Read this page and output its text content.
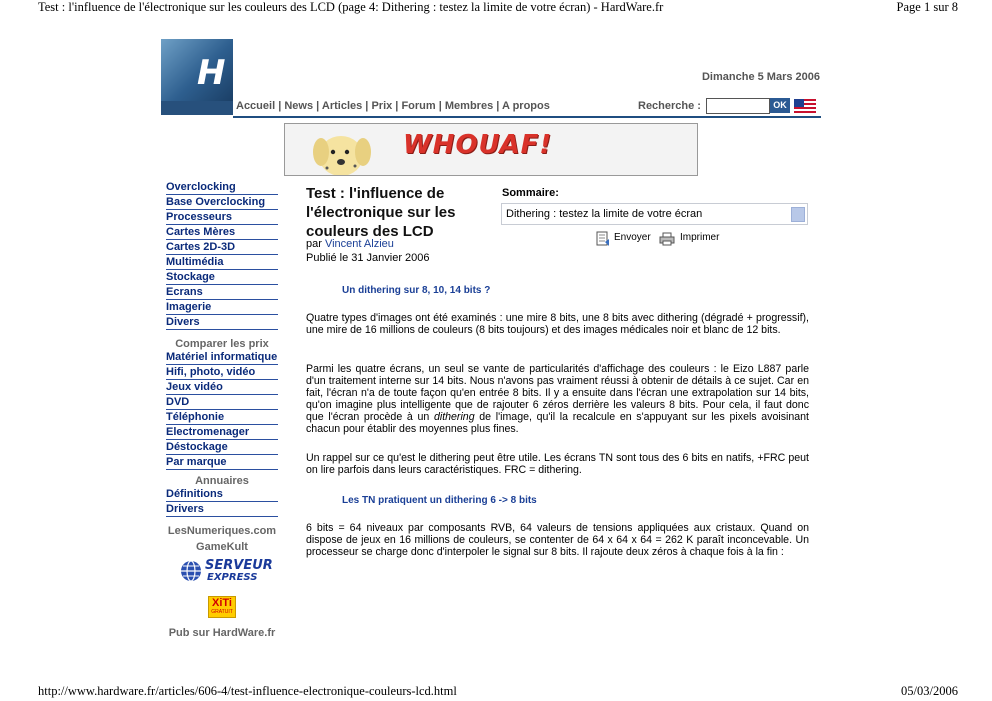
Test : l'influence de l'électronique sur les couleurs des LCD (page 4: Dithering : testez la limite de votre écran) - HardWare.fr	Page 1 sur 8
http://www.hardware.fr/articles/606-4/test-influence-electronique-couleurs-lcd.html	05/03/2006
H	Dimanche 5 Mars 2006
Accueil | News | Articles | Prix | Forum | Membres | A propos	Recherche :	OK
WHOUAF!
Overclocking
Base Overclocking
Processeurs
Cartes Mères
Cartes 2D-3D
Multimédia
Stockage
Ecrans
Imagerie
Divers
Comparer les prix
Matériel informatique
Hifi, photo, vidéo
Jeux vidéo
DVD
Téléphonie
Electromenager
Déstockage
Par marque
Annuaires
Définitions
Drivers
LesNumeriques.com
GameKult
SERVEUR
EXPRESS
XiTi
GRATUIT
Pub sur HardWare.fr
Test : l'influence de l'électronique sur les couleurs des LCD
par Vincent Alzieu
Publié le 31 Janvier 2006
Sommaire:
Dithering : testez la limite de votre écran
Envoyer	Imprimer
Un dithering sur 8, 10, 14 bits ?
Quatre types d'images ont été examinés : une mire 8 bits, une 8 bits avec dithering (dégradé + progressif), une mire de 16 millions de couleurs (8 bits toujours) et des images médicales noir et blanc de 12 bits.
Parmi les quatre écrans, un seul se vante de particularités d'affichage des couleurs : le Eizo L887 parle d'un traitement interne sur 14 bits. Nous n'avons pas vraiment réussi à obtenir de détails à ce sujet. Car en fait, l'écran n'a de toute façon qu'en entrée 8 bits. Il y a ensuite dans l'écran une extrapolation sur 14 bits, qu'on imagine plus intelligente que de rajouter 6 zéros derrière les valeurs 8 bits. Pour cela, il faut donc que l'écran procède à un dithering de l'image, qu'il la recalcule en s'appuyant sur les pixels avoisinant chacun pour établir des moyennes plus fines.
Un rappel sur ce qu'est le dithering peut être utile. Les écrans TN sont tous des 6 bits en natifs, +FRC peut on lire parfois dans leurs caractéristiques. FRC = dithering.
Les TN pratiquent un dithering 6 -> 8 bits
6 bits = 64 niveaux par composants RVB, 64 valeurs de tensions appliquées aux cristaux. Quand on dispose de jeux en 16 millions de couleurs, se contenter de 64 x 64 x 64 = 262 K paraît inconcevable. Un processeur se charge donc d'interpoler le signal sur 8 bits. Il rajoute deux zéros à chaque fois à la fin :
